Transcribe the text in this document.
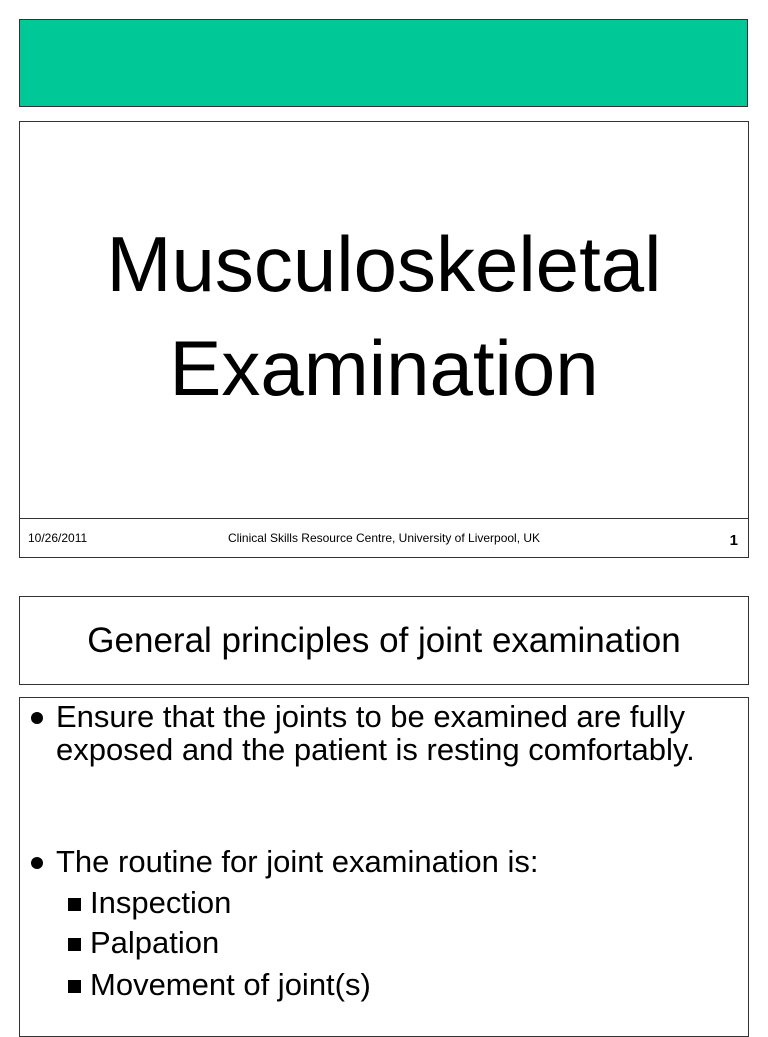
Musculoskeletal
Examination
10/26/2011	Clinical Skills Resource Centre, University of Liverpool, UK	1
General principles of joint examination
Ensure that the joints to be examined are fully exposed and the patient is resting comfortably.
The routine for joint examination is:
Inspection
Palpation
Movement of joint(s)
